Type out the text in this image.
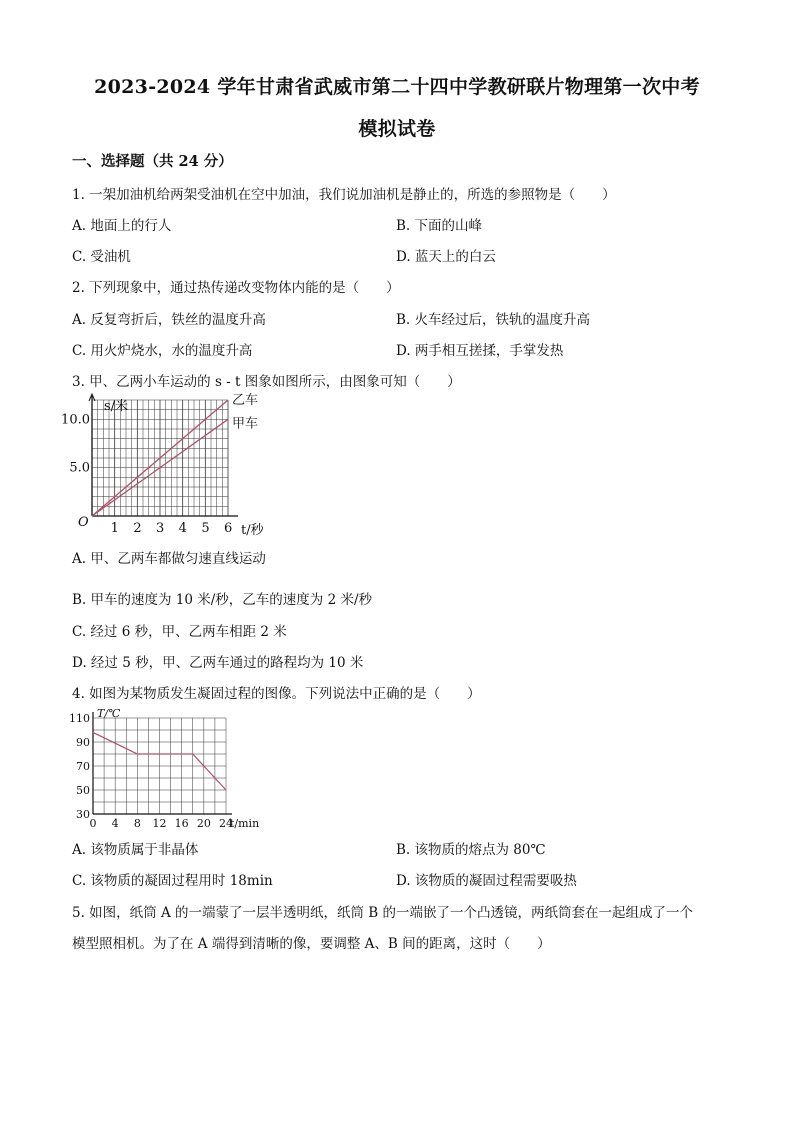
2023-2024 学年甘肃省武威市第二十四中学教研联片物理第一次中考
模拟试卷
一、选择题（共 24 分）
1. 一架加油机给两架受油机在空中加油，我们说加油机是静止的，所选的参照物是（　　）
A. 地面上的行人	B. 下面的山峰
C. 受油机	D. 蓝天上的白云
2. 下列现象中，通过热传递改变物体内能的是（　　）
A. 反复弯折后，铁丝的温度升高	B. 火车经过后，铁轨的温度升高
C. 用火炉烧水，水的温度升高	D. 两手相互搓揉，手掌发热
3. 甲、乙两小车运动的 s - t 图象如图所示，由图象可知（　　）
乙车
甲车
1 2 3 4 5 6
5.0
10.0
O
t/秒
s/米
A. 甲、乙两车都做匀速直线运动
B. 甲车的速度为 10 米/秒，乙车的速度为 2 米/秒
C. 经过 6 秒，甲、乙两车相距 2 米
D. 经过 5 秒，甲、乙两车通过的路程均为 10 米
4. 如图为某物质发生凝固过程的图像。下列说法中正确的是（　　）
0 4 8 12 16 20 24
30
50
70
90
110
t/min
T/℃
A. 该物质属于非晶体	B. 该物质的熔点为 80℃
C. 该物质的凝固过程用时 18min	D. 该物质的凝固过程需要吸热
5. 如图，纸筒 A 的一端蒙了一层半透明纸，纸筒 B 的一端嵌了一个凸透镜，两纸筒套在一起组成了一个
模型照相机。为了在 A 端得到清晰的像，要调整 A、B 间的距离，这时（　　）
